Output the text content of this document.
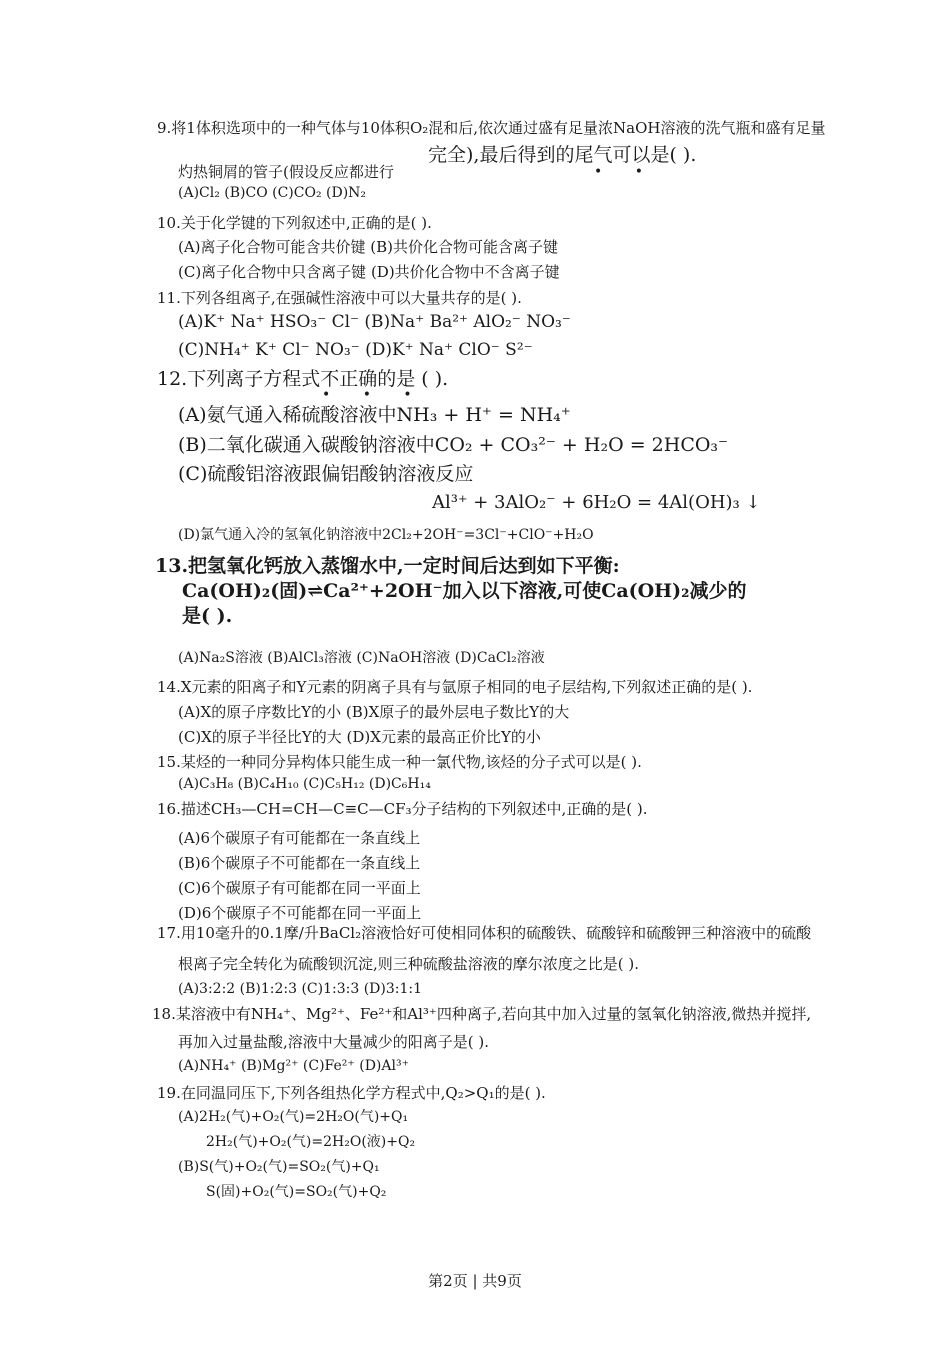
9.将1体积选项中的一种气体与10体积O₂混和后,依次通过盛有足量浓NaOH溶液的洗气瓶和盛有足量
完全),最后得到的尾气可以是( ).
• •
灼热铜屑的管子(假设反应都进行
(A)Cl₂ (B)CO (C)CO₂ (D)N₂
10.关于化学键的下列叙述中,正确的是( ).
(A)离子化合物可能含共价键 (B)共价化合物可能含离子键
(C)离子化合物中只含离子键 (D)共价化合物中不含离子键
11.下列各组离子,在强碱性溶液中可以大量共存的是( ).
(A)K⁺ Na⁺ HSO₃⁻ Cl⁻ (B)Na⁺ Ba²⁺ AlO₂⁻ NO₃⁻
(C)NH₄⁺ K⁺ Cl⁻ NO₃⁻ (D)K⁺ Na⁺ ClO⁻ S²⁻
12.下列离子方程式不正确的是 ( ).
• • •
(A)氨气通入稀硫酸溶液中NH₃ + H⁺ = NH₄⁺
(B)二氧化碳通入碳酸钠溶液中CO₂ + CO₃²⁻ + H₂O = 2HCO₃⁻
(C)硫酸铝溶液跟偏铝酸钠溶液反应
Al³⁺ + 3AlO₂⁻ + 6H₂O = 4Al(OH)₃ ↓
(D)氯气通入冷的氢氧化钠溶液中2Cl₂+2OH⁻=3Cl⁻+ClO⁻+H₂O
13.把氢氧化钙放入蒸馏水中,一定时间后达到如下平衡:
Ca(OH)₂(固)⇌Ca²⁺+2OH⁻加入以下溶液,可使Ca(OH)₂减少的
是( ).
(A)Na₂S溶液 (B)AlCl₃溶液 (C)NaOH溶液 (D)CaCl₂溶液
14.X元素的阳离子和Y元素的阴离子具有与氩原子相同的电子层结构,下列叙述正确的是( ).
(A)X的原子序数比Y的小 (B)X原子的最外层电子数比Y的大
(C)X的原子半径比Y的大 (D)X元素的最高正价比Y的小
15.某烃的一种同分异构体只能生成一种一氯代物,该烃的分子式可以是( ).
(A)C₃H₈ (B)C₄H₁₀ (C)C₅H₁₂ (D)C₆H₁₄
16.描述CH₃—CH=CH—C≡C—CF₃分子结构的下列叙述中,正确的是( ).
(A)6个碳原子有可能都在一条直线上
(B)6个碳原子不可能都在一条直线上
(C)6个碳原子有可能都在同一平面上
(D)6个碳原子不可能都在同一平面上
17.用10毫升的0.1摩/升BaCl₂溶液恰好可使相同体积的硫酸铁、硫酸锌和硫酸钾三种溶液中的硫酸
根离子完全转化为硫酸钡沉淀,则三种硫酸盐溶液的摩尔浓度之比是( ).
(A)3:2:2 (B)1:2:3 (C)1:3:3 (D)3:1:1
18.某溶液中有NH₄⁺、Mg²⁺、Fe²⁺和Al³⁺四种离子,若向其中加入过量的氢氧化钠溶液,微热并搅拌,
再加入过量盐酸,溶液中大量减少的阳离子是( ).
(A)NH₄⁺ (B)Mg²⁺ (C)Fe²⁺ (D)Al³⁺
19.在同温同压下,下列各组热化学方程式中,Q₂>Q₁的是( ).
(A)2H₂(气)+O₂(气)=2H₂O(气)+Q₁
2H₂(气)+O₂(气)=2H₂O(液)+Q₂
(B)S(气)+O₂(气)=SO₂(气)+Q₁
S(固)+O₂(气)=SO₂(气)+Q₂
第2页 | 共9页
